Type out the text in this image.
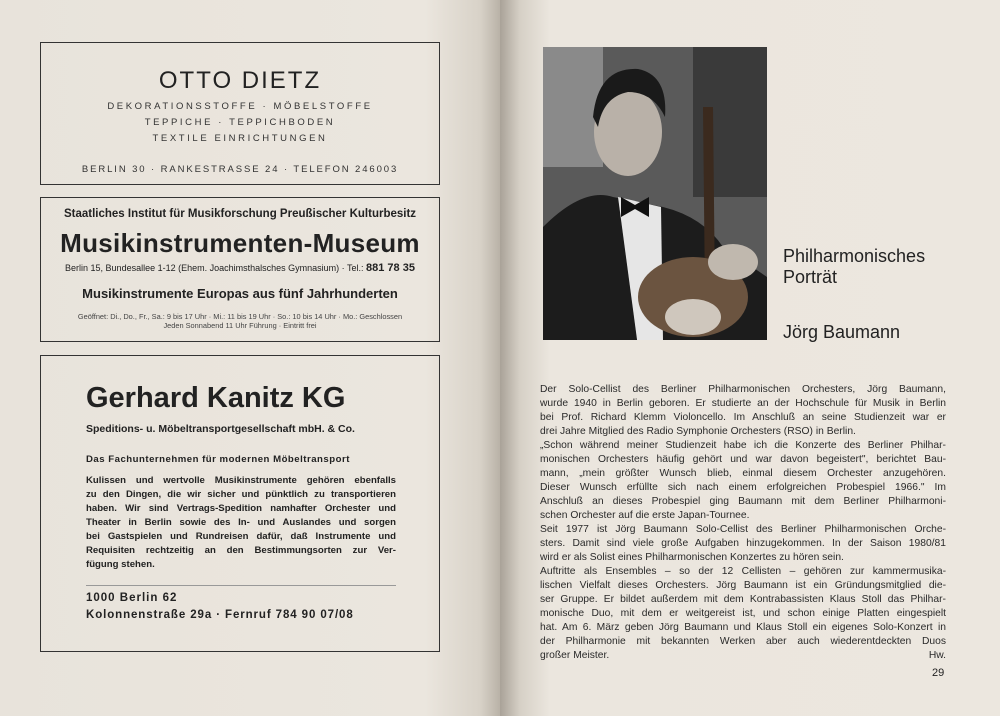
OTTO DIETZ
DEKORATIONSSTOFFE · MÖBELSTOFFE
TEPPICHE · TEPPICHBODEN
TEXTILE EINRICHTUNGEN
BERLIN 30 · RANKESTRASSE 24 · TELEFON 246003
Staatliches Institut für Musikforschung Preußischer Kulturbesitz
Musikinstrumenten-Museum
Berlin 15, Bundesallee 1-12 (Ehem. Joachimsthalsches Gymnasium) · Tel.: 881 78 35
Musikinstrumente Europas aus fünf Jahrhunderten
Geöffnet: Di., Do., Fr., Sa.: 9 bis 17 Uhr · Mi.: 11 bis 19 Uhr · So.: 10 bis 14 Uhr · Mo.: Geschlossen
Jeden Sonnabend 11 Uhr Führung · Eintritt frei
Gerhard Kanitz KG
Speditions- u. Möbeltransportgesellschaft mbH. & Co.
Das Fachunternehmen für modernen Möbeltransport
Kulissen und wertvolle Musikinstrumente gehören ebenfalls
zu den Dingen, die wir sicher und pünktlich zu transportieren
haben. Wir sind Vertrags-Spedition namhafter Orchester und
Theater in Berlin sowie des In- und Auslandes und sorgen
bei Gastspielen und Rundreisen dafür, daß Instrumente und
Requisiten rechtzeitig an den Bestimmungsorten zur Ver-
fügung stehen.
1000 Berlin 62
Kolonnenstraße 29a · Fernruf 784 90 07/08
Philharmonisches
Porträt
Jörg Baumann
Der Solo-Cellist des Berliner Philharmonischen Orchesters, Jörg Baumann,
wurde 1940 in Berlin geboren. Er studierte an der Hochschule für Musik in Berlin
bei Prof. Richard Klemm Violoncello. Im Anschluß an seine Studienzeit war er
drei Jahre Mitglied des Radio Symphonie Orchesters (RSO) in Berlin.
„Schon während meiner Studienzeit habe ich die Konzerte des Berliner Philhar-
monischen Orchesters häufig gehört und war davon begeistert", berichtet Bau-
mann, „mein größter Wunsch blieb, einmal diesem Orchester anzugehören.
Dieser Wunsch erfüllte sich nach einem erfolgreichen Probespiel 1966." Im
Anschluß an dieses Probespiel ging Baumann mit dem Berliner Philharmoni-
schen Orchester auf die erste Japan-Tournee.
Seit 1977 ist Jörg Baumann Solo-Cellist des Berliner Philharmonischen Orche-
sters. Damit sind viele große Aufgaben hinzugekommen. In der Saison 1980/81
wird er als Solist eines Philharmonischen Konzertes zu hören sein.
Auftritte als Ensembles – so der 12 Cellisten – gehören zur kammermusika-
lischen Vielfalt dieses Orchesters. Jörg Baumann ist ein Gründungsmitglied die-
ser Gruppe. Er bildet außerdem mit dem Kontrabassisten Klaus Stoll das Philhar-
monische Duo, mit dem er weitgereist ist, und schon einige Platten eingespielt
hat. Am 6. März geben Jörg Baumann und Klaus Stoll ein eigenes Solo-Konzert in
der Philharmonie mit bekannten Werken aber auch wiederentdeckten Duos
großer Meister.	Hw.
29
